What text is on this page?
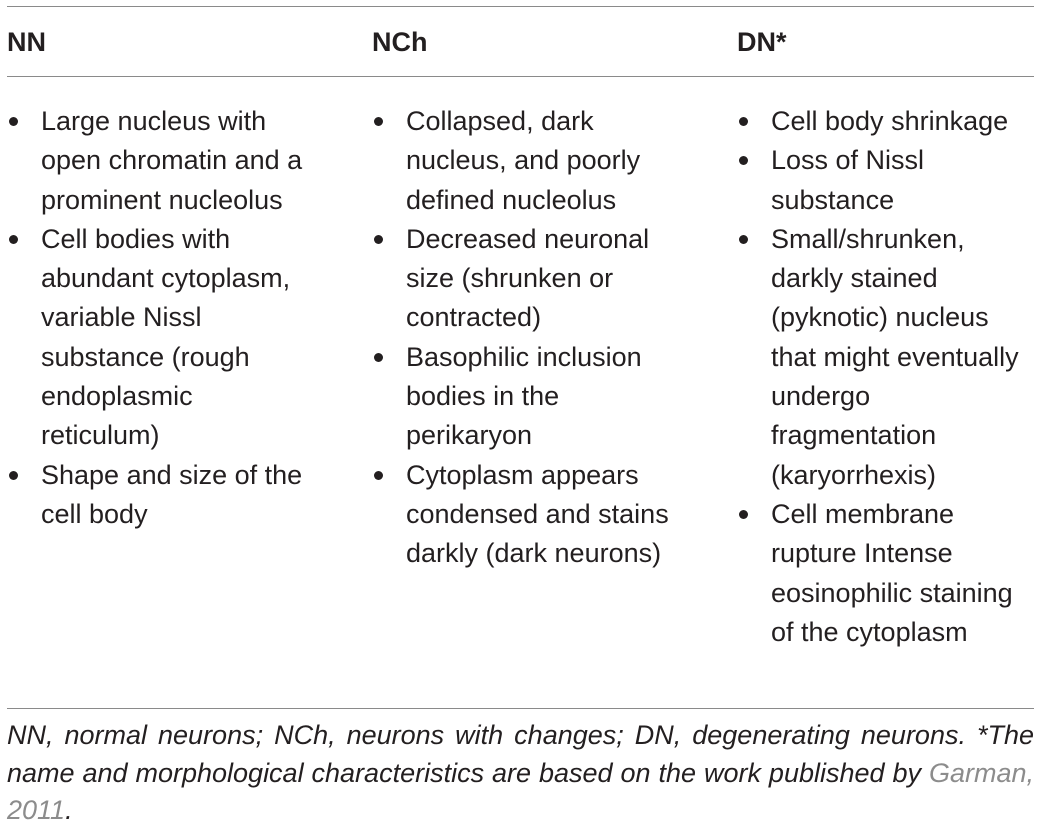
NN	NCh	DN*
Large nucleus with open chromatin and a prominent nucleolus
Cell bodies with abundant cytoplasm, variable Nissl substance (rough endoplasmic reticulum)
Shape and size of the cell body
Collapsed, dark nucleus, and poorly defined nucleolus
Decreased neuronal size (shrunken or contracted)
Basophilic inclusion bodies in the perikaryon
Cytoplasm appears condensed and stains darkly (dark neurons)
Cell body shrinkage
Loss of Nissl substance
Small/shrunken, darkly stained (pyknotic) nucleus that might eventually undergo fragmentation (karyorrhexis)
Cell membrane rupture Intense eosinophilic staining of the cytoplasm
NN, normal neurons; NCh, neurons with changes; DN, degenerating neurons. *The name and morphological characteristics are based on the work published by Garman, 2011.
